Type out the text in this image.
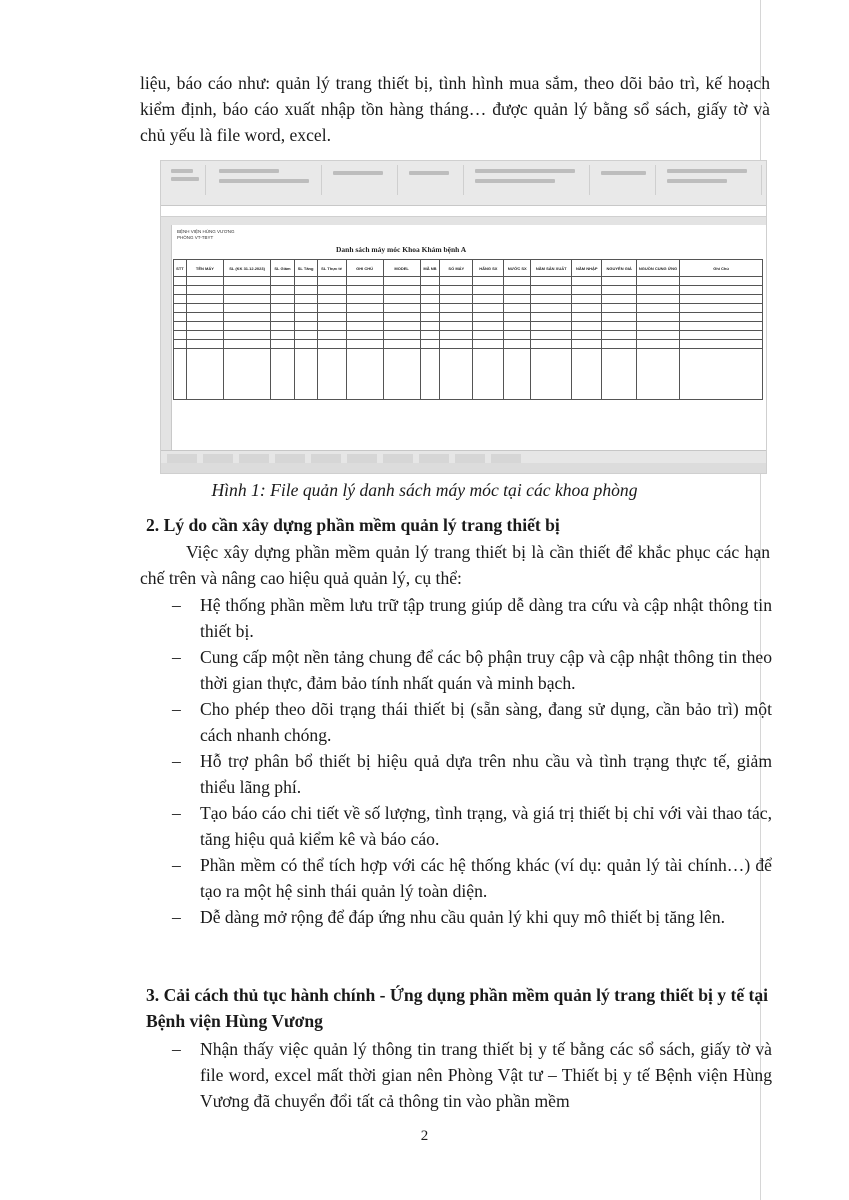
liệu, báo cáo như: quản lý trang thiết bị, tình hình mua sắm, theo dõi bảo trì, kế hoạch kiểm định, báo cáo xuất nhập tồn hàng tháng… được quản lý bằng sổ sách, giấy tờ và chủ yếu là file word, excel.
BỆNH VIỆN HÙNG VƯƠNG
PHÒNG VT-TBYT
Danh sách máy móc Khoa Khám bệnh A
STT	TÊN MÁY	SL (KK 31.12.2023)	SL Giảm	SL Tăng	SL Thực tế	GHI CHÚ	MODEL	MÃ NB	SỐ MÁY	HÃNG SX	NƯỚC SX	NĂM SẢN XUẤT	NĂM NHẬP	NGUYÊN GIÁ	NGUỒN CUNG ỨNG	Ghi Chú

Hình 1: File quản lý danh sách máy móc tại các khoa phòng
2. Lý do cần xây dựng phần mềm quản lý trang thiết bị
Việc xây dựng phần mềm quản lý trang thiết bị là cần thiết để khắc phục các hạn chế trên và nâng cao hiệu quả quản lý, cụ thể:
– Hệ thống phần mềm lưu trữ tập trung giúp dễ dàng tra cứu và cập nhật thông tin thiết bị.
– Cung cấp một nền tảng chung để các bộ phận truy cập và cập nhật thông tin theo thời gian thực, đảm bảo tính nhất quán và minh bạch.
– Cho phép theo dõi trạng thái thiết bị (sẵn sàng, đang sử dụng, cần bảo trì) một cách nhanh chóng.
– Hỗ trợ phân bổ thiết bị hiệu quả dựa trên nhu cầu và tình trạng thực tế, giảm thiểu lãng phí.
– Tạo báo cáo chi tiết về số lượng, tình trạng, và giá trị thiết bị chỉ với vài thao tác, tăng hiệu quả kiểm kê và báo cáo.
– Phần mềm có thể tích hợp với các hệ thống khác (ví dụ: quản lý tài chính…) để tạo ra một hệ sinh thái quản lý toàn diện.
– Dễ dàng mở rộng để đáp ứng nhu cầu quản lý khi quy mô thiết bị tăng lên.
3. Cải cách thủ tục hành chính - Ứng dụng phần mềm quản lý trang thiết bị y tế tại Bệnh viện Hùng Vương
– Nhận thấy việc quản lý thông tin trang thiết bị y tế bằng các sổ sách, giấy tờ và file word, excel mất thời gian nên Phòng Vật tư – Thiết bị y tế Bệnh viện Hùng Vương đã chuyển đổi tất cả thông tin vào phần mềm
2
